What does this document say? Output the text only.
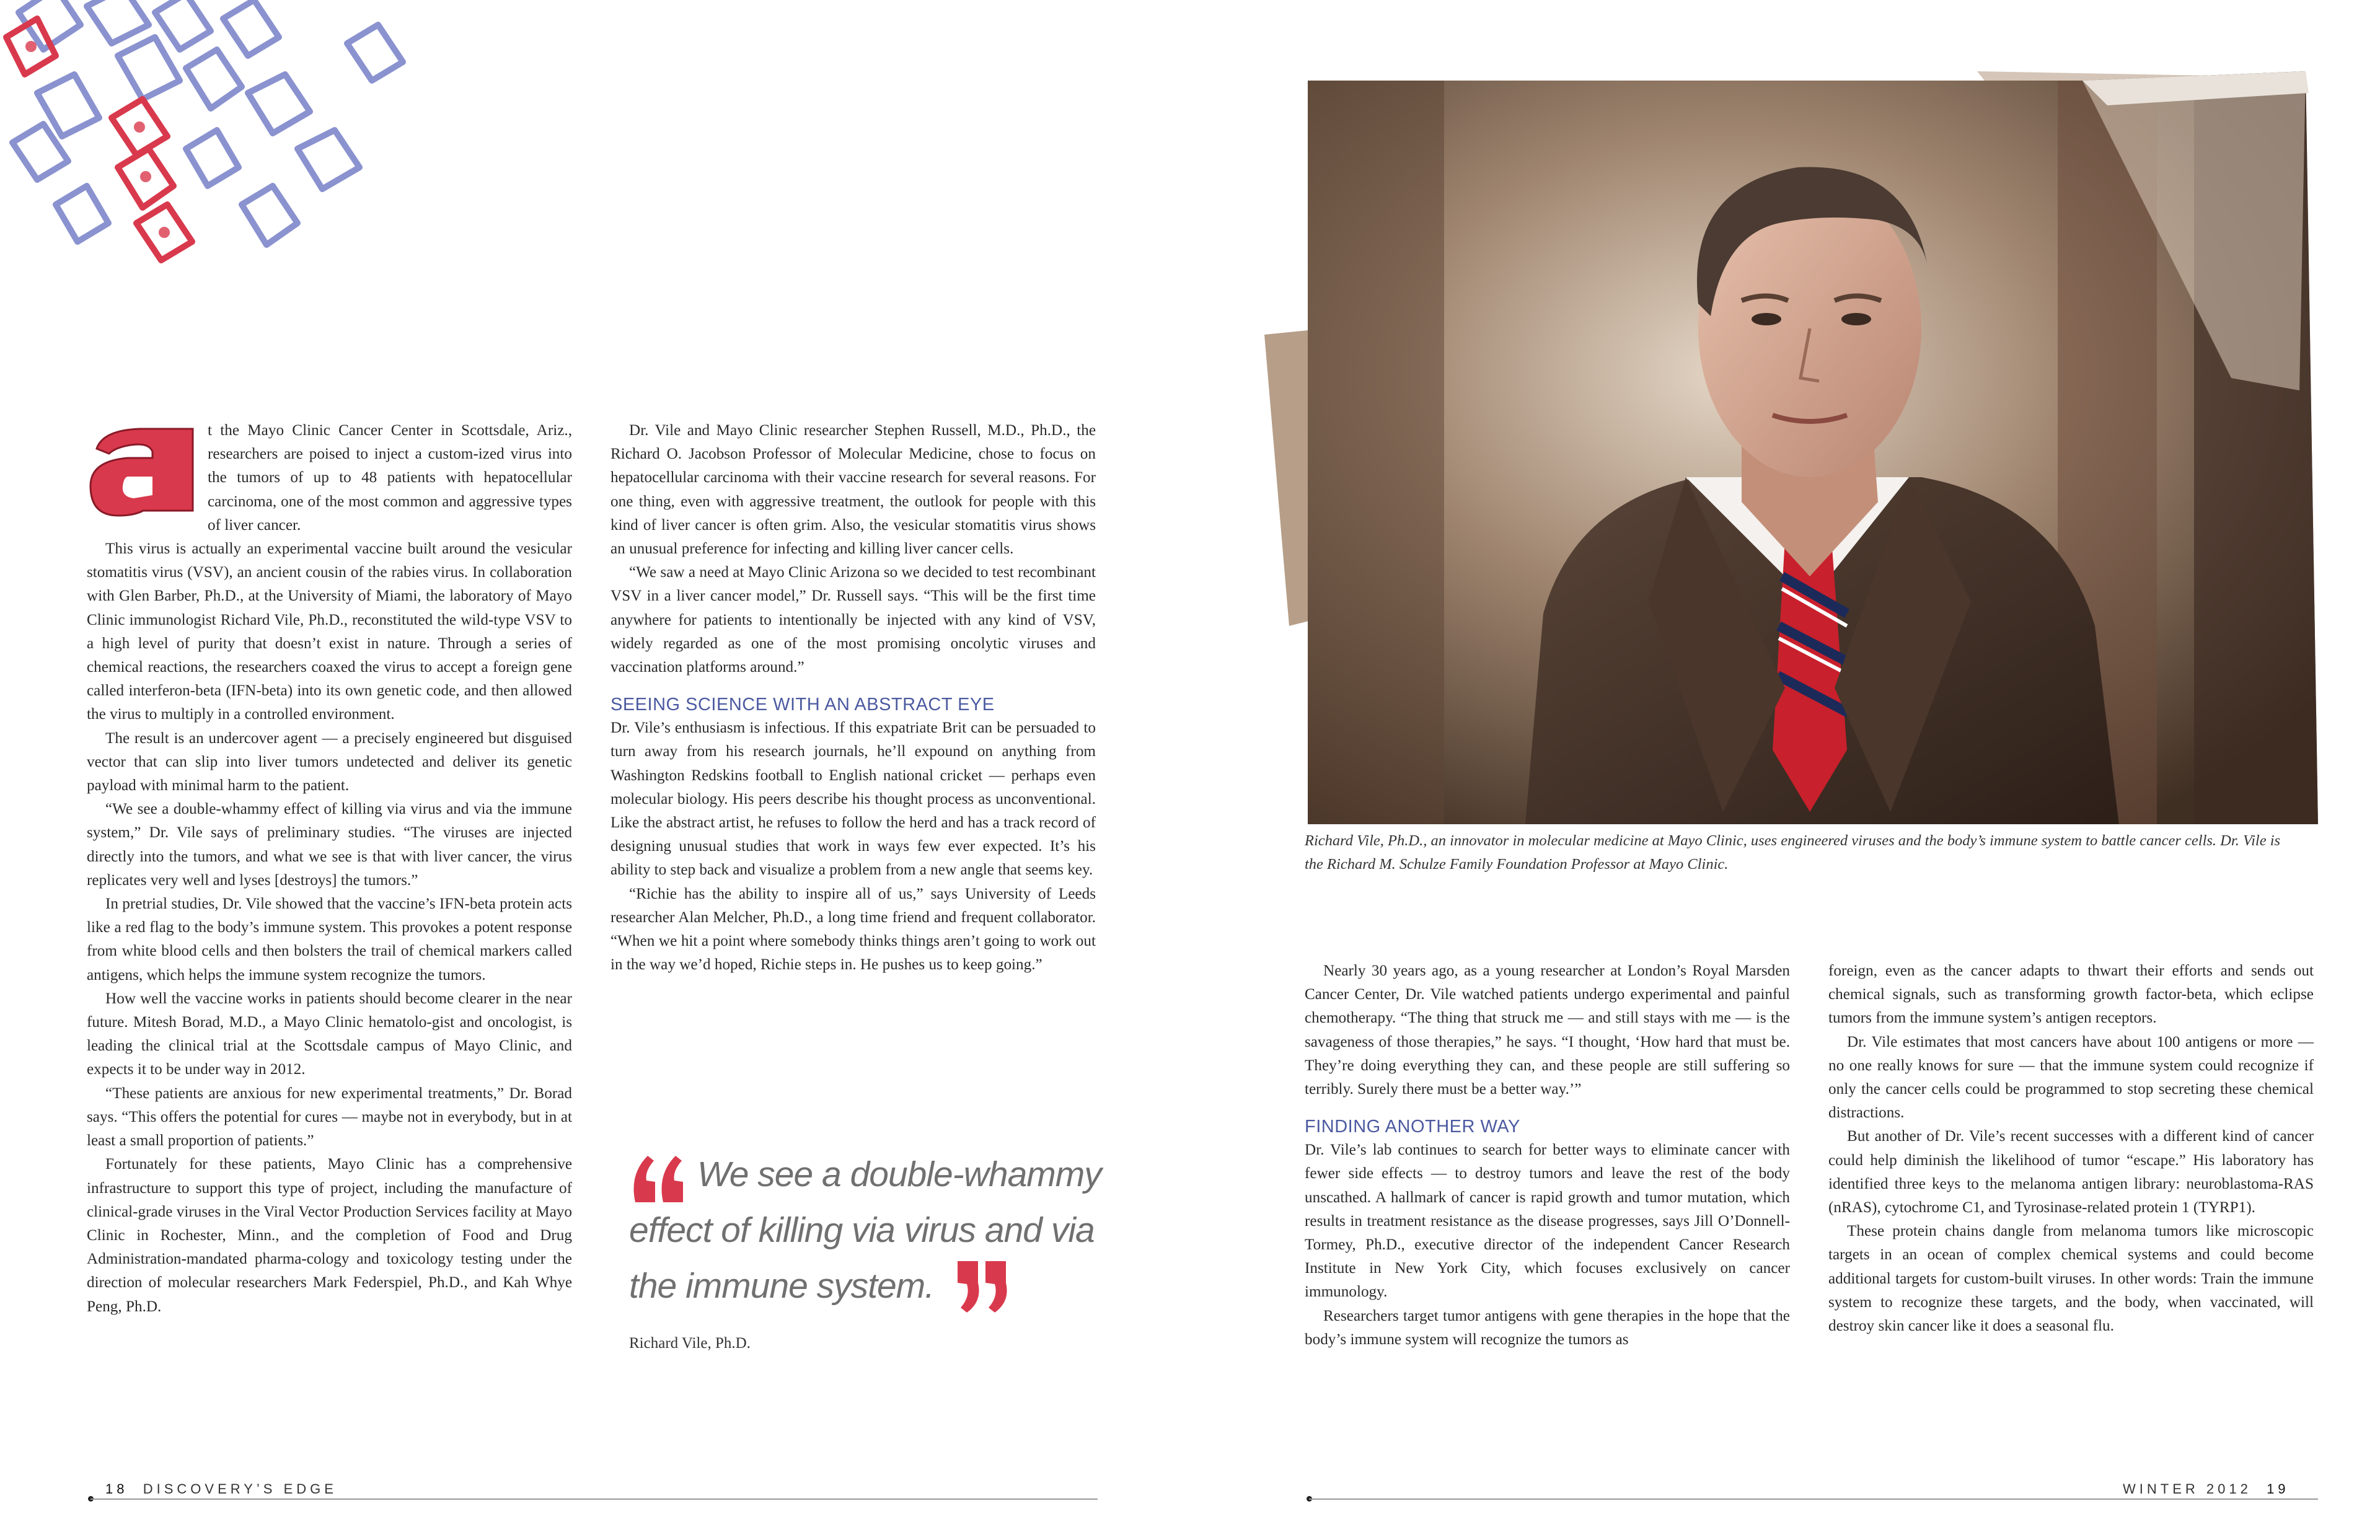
t the Mayo Clinic Cancer Center in Scottsdale, Ariz., researchers are poised to inject a custom-ized virus into the tumors of up to 48 patients with hepatocellular carcinoma, one of the most common and aggressive types of liver cancer.

This virus is actually an experimental vaccine built around the vesicular stomatitis virus (VSV), an ancient cousin of the rabies virus. In collaboration with Glen Barber, Ph.D., at the University of Miami, the laboratory of Mayo Clinic immunologist Richard Vile, Ph.D., reconstituted the wild-type VSV to a high level of purity that doesn’t exist in nature. Through a series of chemical reactions, the researchers coaxed the virus to accept a foreign gene called interferon-beta (IFN-beta) into its own genetic code, and then allowed the virus to multiply in a controlled environment.

The result is an undercover agent — a precisely engineered but disguised vector that can slip into liver tumors undetected and deliver its genetic payload with minimal harm to the patient.

“We see a double-whammy effect of killing via virus and via the immune system,” Dr. Vile says of preliminary studies. “The viruses are injected directly into the tumors, and what we see is that with liver cancer, the virus replicates very well and lyses [destroys] the tumors.”

In pretrial studies, Dr. Vile showed that the vaccine’s IFN-beta protein acts like a red flag to the body’s immune system. This provokes a potent response from white blood cells and then bolsters the trail of chemical markers called antigens, which helps the immune system recognize the tumors.

How well the vaccine works in patients should become clearer in the near future. Mitesh Borad, M.D., a Mayo Clinic hematolo-gist and oncologist, is leading the clinical trial at the Scottsdale campus of Mayo Clinic, and expects it to be under way in 2012.

“These patients are anxious for new experimental treatments,” Dr. Borad says. “This offers the potential for cures — maybe not in everybody, but in at least a small proportion of patients.”

Fortunately for these patients, Mayo Clinic has a comprehensive infrastructure to support this type of project, including the manufacture of clinical-grade viruses in the Viral Vector Production Services facility at Mayo Clinic in Rochester, Minn., and the completion of Food and Drug Administration-mandated pharma-cology and toxicology testing under the direction of molecular researchers Mark Federspiel, Ph.D., and Kah Whye Peng, Ph.D.

Dr. Vile and Mayo Clinic researcher Stephen Russell, M.D., Ph.D., the Richard O. Jacobson Professor of Molecular Medicine, chose to focus on hepatocellular carcinoma with their vaccine research for several reasons. For one thing, even with aggressive treatment, the outlook for people with this kind of liver cancer is often grim. Also, the vesicular stomatitis virus shows an unusual preference for infecting and killing liver cancer cells.

“We saw a need at Mayo Clinic Arizona so we decided to test recombinant VSV in a liver cancer model,” Dr. Russell says. “This will be the first time anywhere for patients to intentionally be injected with any kind of VSV, widely regarded as one of the most promising oncolytic viruses and vaccination platforms around.”

SEEING SCIENCE WITH AN ABSTRACT EYE

Dr. Vile’s enthusiasm is infectious. If this expatriate Brit can be persuaded to turn away from his research journals, he’ll expound on anything from Washington Redskins football to English national cricket — perhaps even molecular biology. His peers describe his thought process as unconventional. Like the abstract artist, he refuses to follow the herd and has a track record of designing unusual studies that work in ways few ever expected. It’s his ability to step back and visualize a problem from a new angle that seems key.

“Richie has the ability to inspire all of us,” says University of Leeds researcher Alan Melcher, Ph.D., a long time friend and frequent collaborator. “When we hit a point where somebody thinks things aren’t going to work out in the way we’d hoped, Richie steps in. He pushes us to keep going.”

We see a double-whammy effect of killing via virus and via the immune system.

Richard Vile, Ph.D.
18 DISCOVERY’S EDGE
Richard Vile, Ph.D., an innovator in molecular medicine at Mayo Clinic, uses engineered viruses and the body’s immune system to battle cancer cells. Dr. Vile is the Richard M. Schulze Family Foundation Professor at Mayo Clinic.

Nearly 30 years ago, as a young researcher at London’s Royal Marsden Cancer Center, Dr. Vile watched patients undergo experimental and painful chemotherapy. “The thing that struck me — and still stays with me — is the savageness of those therapies,” he says. “I thought, ‘How hard that must be. They’re doing everything they can, and these people are still suffering so terribly. Surely there must be a better way.’”

FINDING ANOTHER WAY

Dr. Vile’s lab continues to search for better ways to eliminate cancer with fewer side effects — to destroy tumors and leave the rest of the body unscathed. A hallmark of cancer is rapid growth and tumor mutation, which results in treatment resistance as the disease progresses, says Jill O’Donnell-Tormey, Ph.D., executive director of the independent Cancer Research Institute in New York City, which focuses exclusively on cancer immunology.

Researchers target tumor antigens with gene therapies in the hope that the body’s immune system will recognize the tumors as

foreign, even as the cancer adapts to thwart their efforts and sends out chemical signals, such as transforming growth factor-beta, which eclipse tumors from the immune system’s antigen receptors.

Dr. Vile estimates that most cancers have about 100 antigens or more — no one really knows for sure — that the immune system could recognize if only the cancer cells could be programmed to stop secreting these chemical distractions.

But another of Dr. Vile’s recent successes with a different kind of cancer could help diminish the likelihood of tumor “escape.” His laboratory has identified three keys to the melanoma antigen library: neuroblastoma-RAS (nRAS), cytochrome C1, and Tyrosinase-related protein 1 (TYRP1).

These protein chains dangle from melanoma tumors like microscopic targets in an ocean of complex chemical systems and could become additional targets for custom-built viruses. In other words: Train the immune system to recognize these targets, and the body, when vaccinated, will destroy skin cancer like it does a seasonal flu.

WINTER 2012 19
